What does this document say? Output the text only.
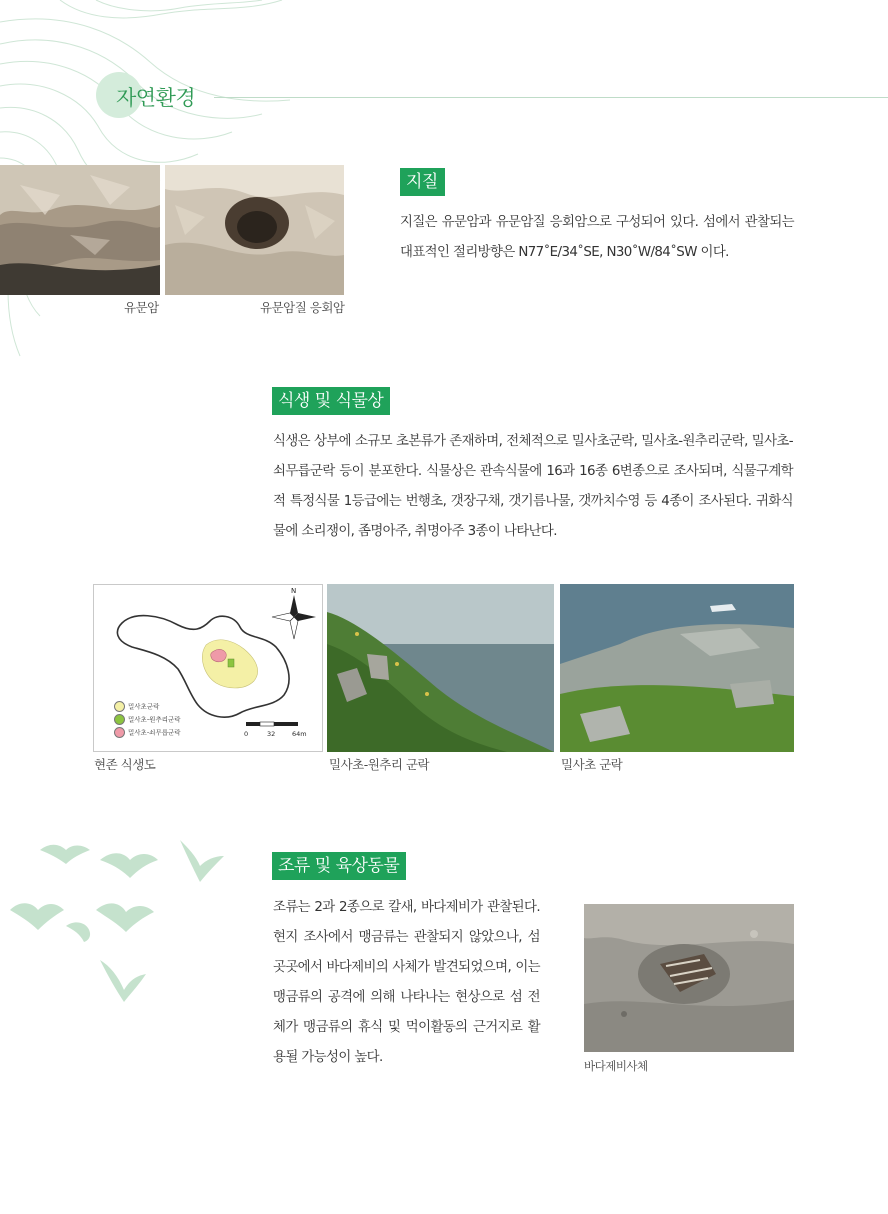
자연환경
유문암	유문암질 응회암
지질
지질은 유문암과 유문암질 응회암으로 구성되어 있다. 섬에서 관찰되는 대표적인 절리방향은 N77˚E/34˚SE, N30˚W/84˚SW 이다.
식생 및 식물상
식생은 상부에 소규모 초본류가 존재하며, 전체적으로 밀사초군락, 밀사초-원추리군락, 밀사초-쇠무릅군락 등이 분포한다. 식물상은 관속식물에 16과 16종 6변종으로 조사되며, 식물구계학적 특정식물 1등급에는 번행초, 갯장구채, 갯기름나물, 갯까치수영 등 4종이 조사된다. 귀화식물에 소리쟁이, 좀명아주, 취명아주 3종이 나타난다.
N
밀사초군락
밀사초-원추리군락
밀사초-쇠무릅군락	0	32	64m
현존 식생도	밀사초-원추리 군락	밀사초 군락
조류 및 육상동물
조류는 2과 2종으로 칼새, 바다제비가 관찰된다. 현지 조사에서 맹금류는 관찰되지 않았으나, 섬 곳곳에서 바다제비의 사체가 발견되었으며, 이는 맹금류의 공격에 의해 나타나는 현상으로 섬 전체가 맹금류의 휴식 및 먹이활동의 근거지로 활용될 가능성이 높다.
바다제비사체
